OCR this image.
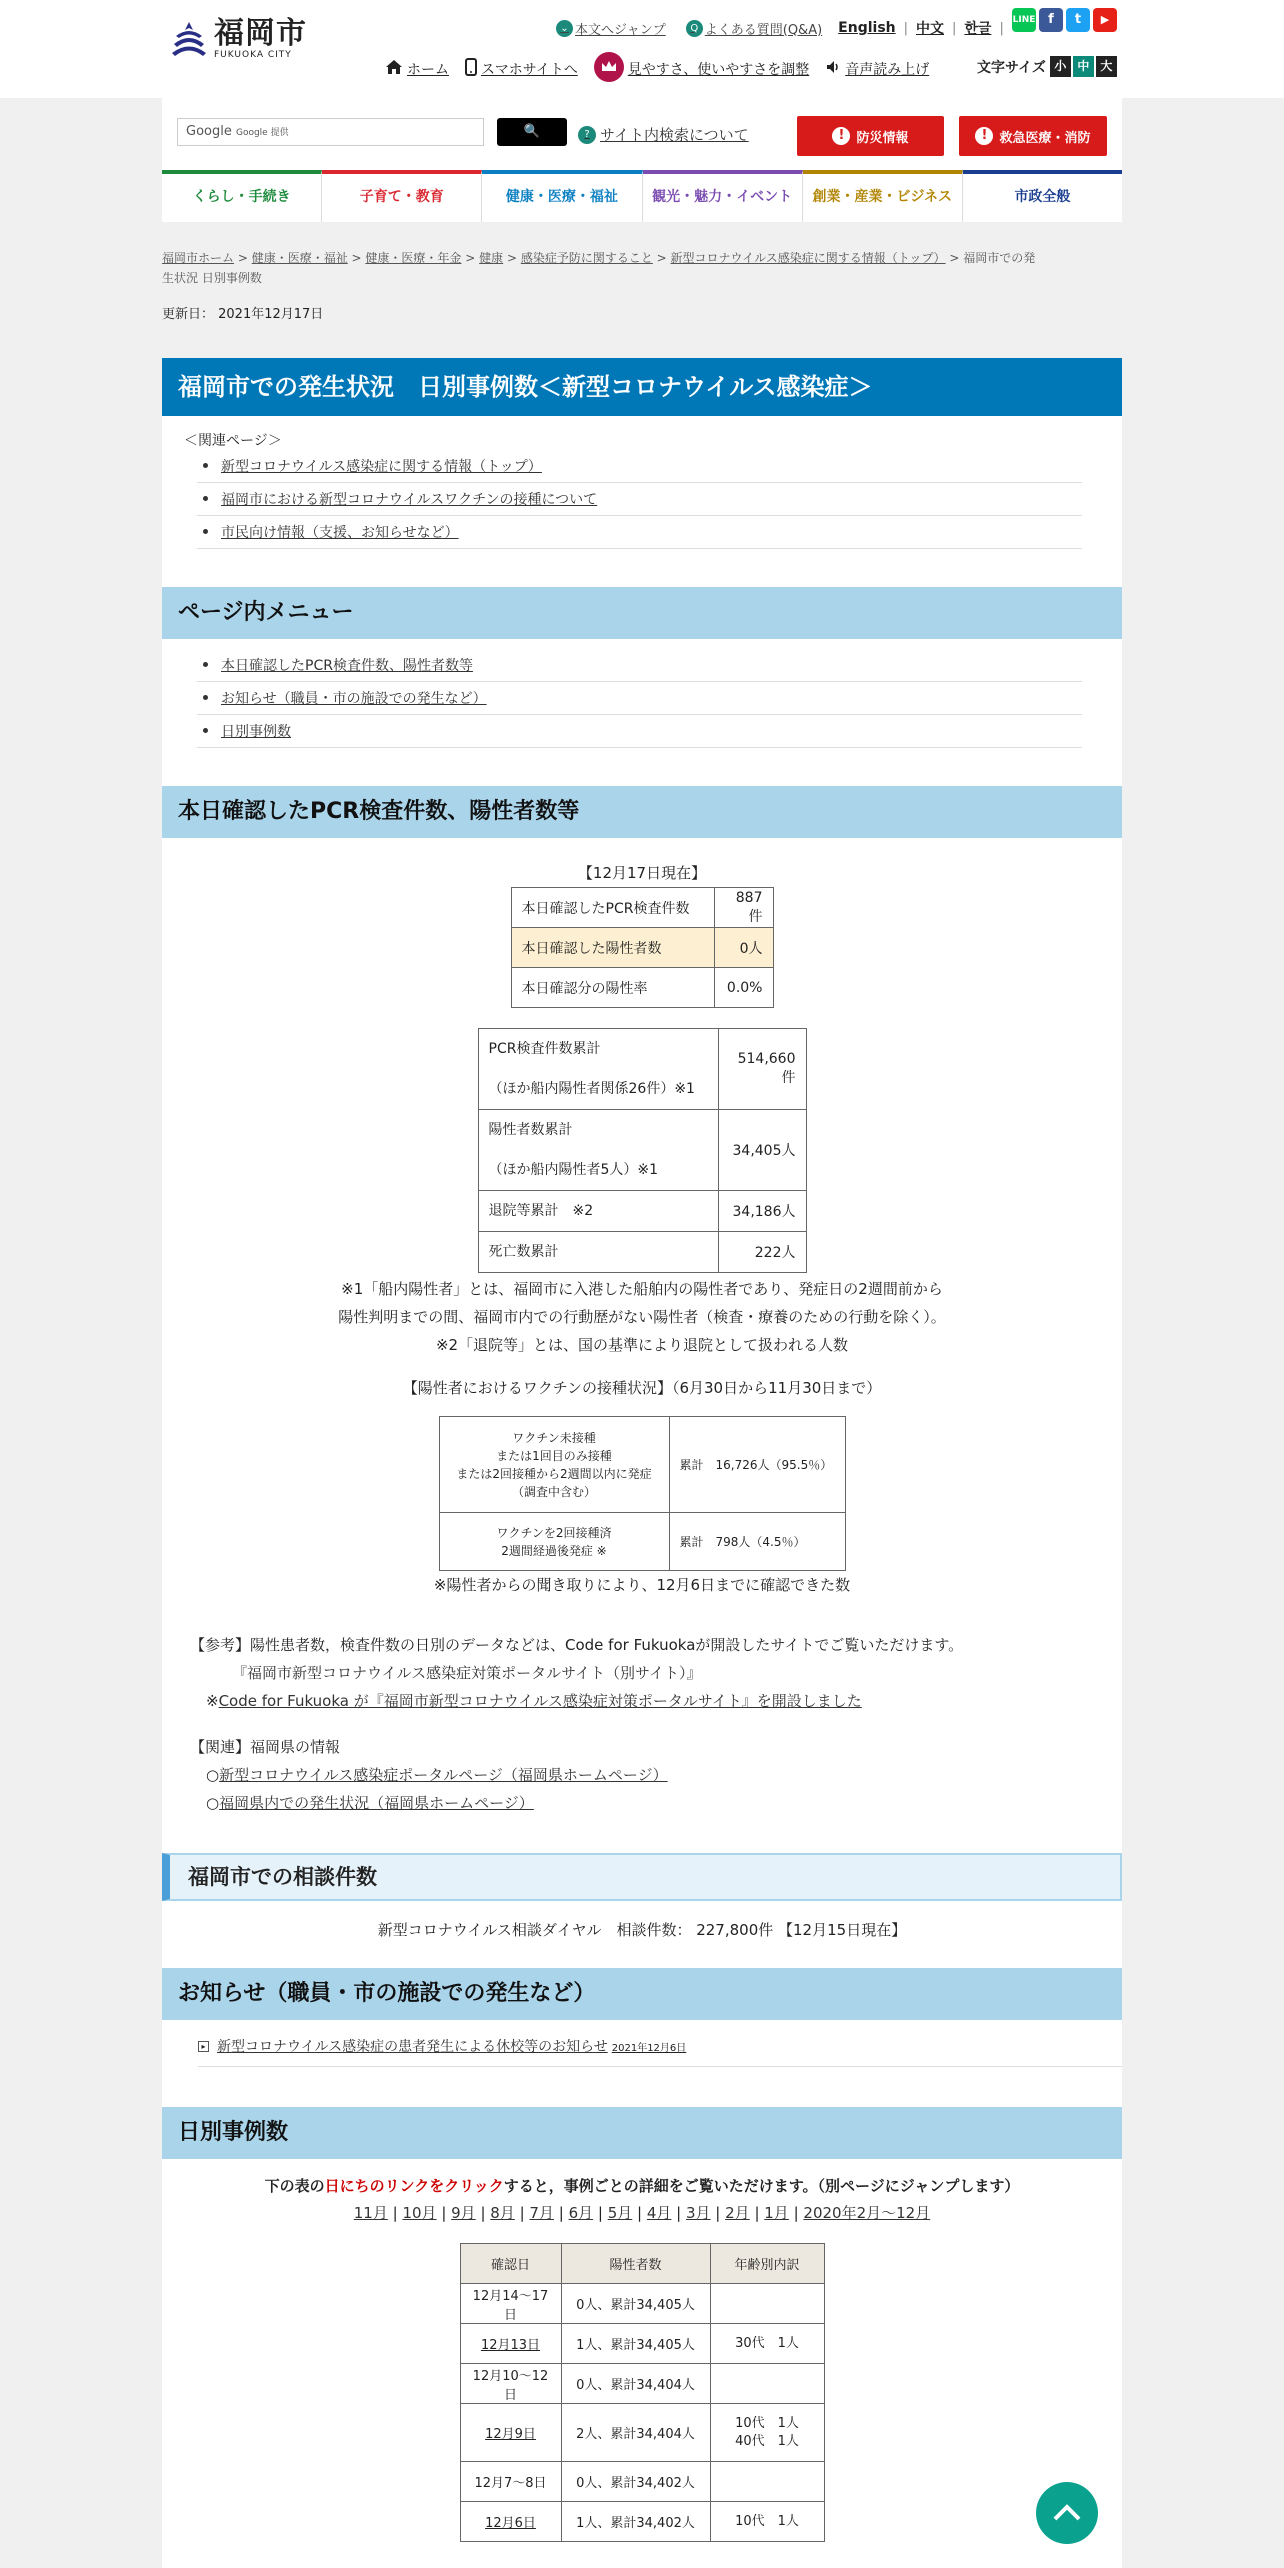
福岡市
FUKUOKA CITY
⌄ 本文へジャンプ	Q よくある質問(Q&A) English | 中文 | 한글 |
LINE f	t	▶
ホーム スマホサイトへ	見やすさ、使いやすさを調整	音声読み上げ	文字サイズ 小 中 大
Google Google 提供	🔍	? サイト内検索について	! 防災情報	! 救急医療・消防
くらし・手続き	子育て・教育	健康・医療・福祉	観光・魅力・イベント	創業・産業・ビジネス	市政全般
福岡市ホーム > 健康・医療・福祉 > 健康・医療・年金 > 健康 > 感染症予防に関すること > 新型コロナウイルス感染症に関する情報（トップ） > 福岡市での発
生状況 日別事例数
更新日： 2021年12月17日
福岡市での発生状況　日別事例数＜新型コロナウイルス感染症＞
＜関連ページ＞
新型コロナウイルス感染症に関する情報（トップ）
福岡市における新型コロナウイルスワクチンの接種について
市民向け情報（支援、お知らせなど）
ページ内メニュー
本日確認したPCR検査件数、陽性者数等
お知らせ（職員・市の施設での発生など）
日別事例数
本日確認したPCR検査件数、陽性者数等
【12月17日現在】
本日確認したPCR検査件数	887件
本日確認した陽性者数	0人
本日確認分の陽性率	0.0%
PCR検査件数累計
（ほか船内陽性者関係26件）※1	514,660件

陽性者数累計
（ほか船内陽性者5人）※1	34,405人

退院等累計　※2	34,186人

死亡数累計	222人
※1「船内陽性者」とは、福岡市に入港した船舶内の陽性者であり、発症日の2週間前から
陽性判明までの間、福岡市内での行動歴がない陽性者（検査・療養のための行動を除く）。
※2「退院等」とは、国の基準により退院として扱われる人数
【陽性者におけるワクチンの接種状況】（6月30日から11月30日まで）
ワクチン未接種
または1回目のみ接種
または2回接種から2週間以内に発症
（調査中含む）	累計　16,726人（95.5％）

ワクチンを2回接種済
2週間経過後発症 ※	累計　798人（4.5％）
※陽性者からの聞き取りにより、12月6日までに確認できた数
【参考】陽性患者数，検査件数の日別のデータなどは、Code for Fukuokaが開設したサイトでご覧いただけます。
『福岡市新型コロナウイルス感染症対策ポータルサイト（別サイト）』
※Code for Fukuoka が『福岡市新型コロナウイルス感染症対策ポータルサイト』を開設しました
【関連】福岡県の情報
○新型コロナウイルス感染症ポータルページ（福岡県ホームページ）
○福岡県内での発生状況（福岡県ホームページ）
福岡市での相談件数
新型コロナウイルス相談ダイヤル　相談件数： 227,800件 【12月15日現在】
お知らせ（職員・市の施設での発生など）
▸ 新型コロナウイルス感染症の患者発生による休校等のお知らせ 2021年12月6日
日別事例数
下の表の日にちのリンクをクリックすると，事例ごとの詳細をご覧いただけます。（別ページにジャンプします）
11月 | 10月 | 9月 | 8月 | 7月 | 6月 | 5月 | 4月 | 3月 | 2月 | 1月 | 2020年2月～12月
確認日	陽性者数	年齢別内訳
12月14～17日	0人、累計34,405人	
12月13日	1人、累計34,405人	30代　1人
12月10～12日	0人、累計34,404人	
12月9日	2人、累計34,404人	10代　1人
40代　1人
12月7～8日	0人、累計34,402人	
12月6日	1人、累計34,402人	10代　1人
